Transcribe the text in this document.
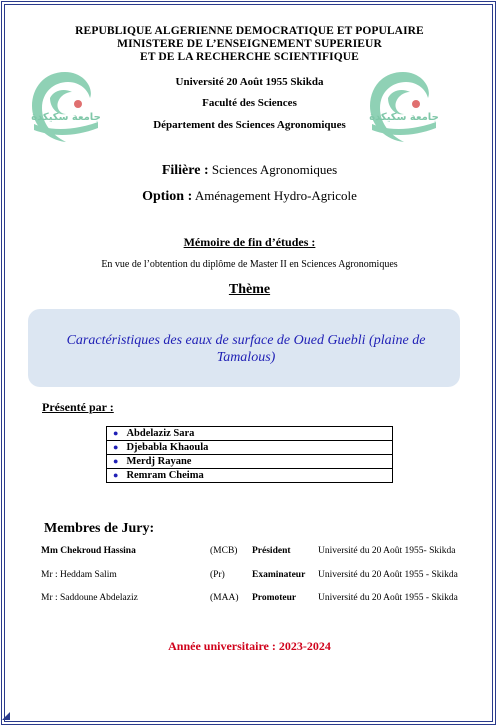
REPUBLIQUE ALGERIENNE DEMOCRATIQUE ET POPULAIRE
MINISTERE DE L’ENSEIGNEMENT SUPERIEUR
ET DE LA RECHERCHE SCIENTIFIQUE
جامعة سكيكدة	جامعة سكيكدة
Université 20 Août 1955 Skikda
Faculté des Sciences
Département des Sciences Agronomiques
Filière : Sciences Agronomiques
Option : Aménagement Hydro-Agricole
Mémoire de fin d’études :
En vue de l’obtention du diplôme de Master II en Sciences Agronomiques
Thème
Caractéristiques des eaux de surface de Oued Guebli (plaine de Tamalous)
Présenté par :
● Abdelaziz Sara
● Djebabla Khaoula
● Merdj Rayane
● Remram Cheima
Membres de Jury:
Mm Chekroud Hassina	(MCB) Président	Université du 20 Août 1955- Skikda
Mr : Heddam Salim	(Pr)	Examinateur Université du 20 Août 1955 - Skikda
Mr : Saddoune Abdelaziz	(MAA) Promoteur Université du 20 Août 1955 - Skikda
Année universitaire : 2023-2024
